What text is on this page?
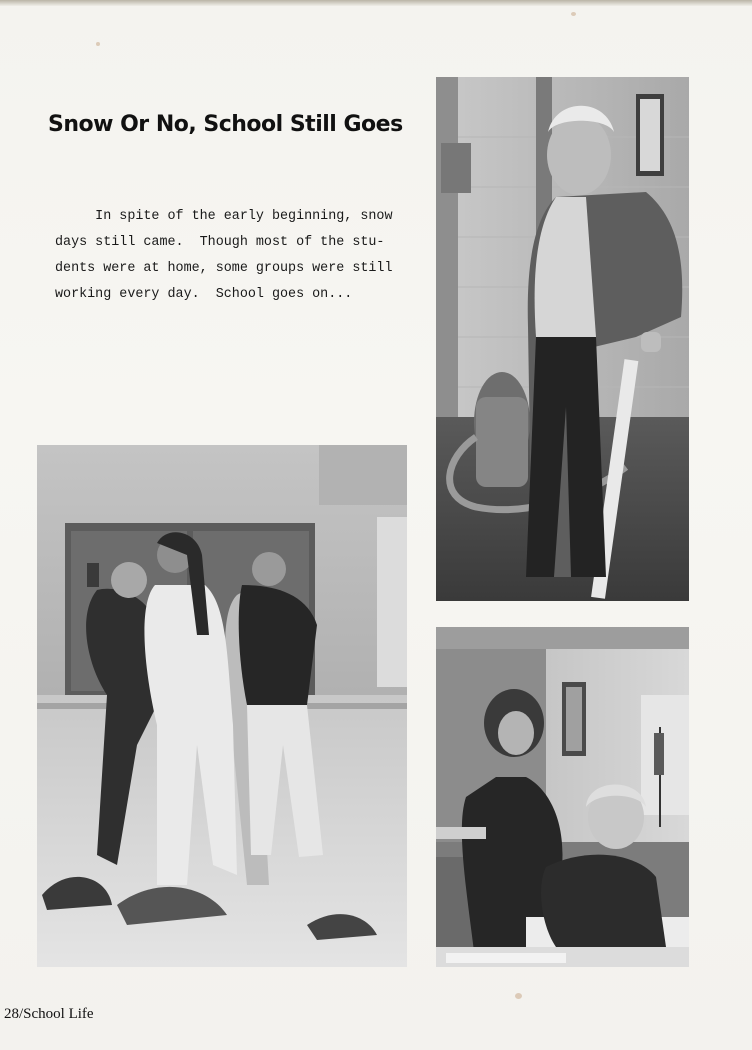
Snow Or No, School Still Goes
In spite of the early beginning, snow
days still came.  Though most of the stu-
dents were at home, some groups were still
working every day.  School goes on...
28/School Life
